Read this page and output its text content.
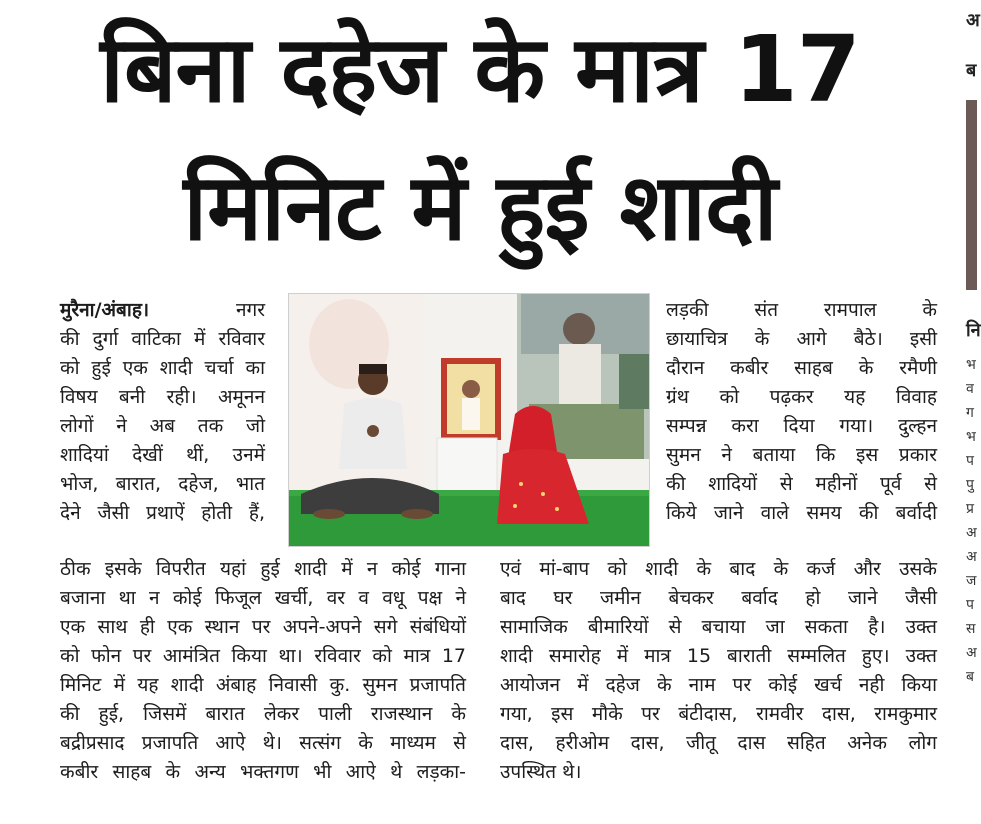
बिना दहेज के मात्र 17
मिनिट में हुई शादी
मुरैना/अंबाह।	नगर
की दुर्गा वाटिका में रविवार
को हुई एक शादी चर्चा का
विषय बनी रही। अमूनन
लोगों ने अब तक जो
शादियां देखीं थीं, उनमें
भोज, बारात, दहेज, भात
देने जैसी प्रथाऐं होती हैं,
लड़की संत रामपाल के
छायाचित्र के आगे बैठे। इसी
दौरान कबीर साहब के रमैणी
ग्रंथ को पढ़कर यह विवाह
सम्पन्न करा दिया गया। दुल्हन
सुमन ने बताया कि इस प्रकार
की शादियों से महीनों पूर्व से
किये जाने वाले समय की बर्वादी
ठीक इसके विपरीत यहां हुई शादी में न कोई गाना
बजाना था न कोई फिजूल खर्ची, वर व वधू पक्ष ने
एक साथ ही एक स्थान पर अपने-अपने सगे संबंधियों
को फोन पर आमंत्रित किया था। रविवार को मात्र 17
मिनिट में यह शादी अंबाह निवासी कु. सुमन प्रजापति
की हुई, जिसमें बारात लेकर पाली राजस्थान के
बद्रीप्रसाद प्रजापति आऐ थे। सत्संग के माध्यम से
कबीर साहब के अन्य भक्तगण भी आऐ थे लड़का-
एवं मां-बाप को शादी के बाद के कर्ज और उसके
बाद घर जमीन बेचकर बर्वाद हो जाने जैसी
सामाजिक बीमारियों से बचाया जा सकता है। उक्त
शादी समारोह में मात्र 15 बाराती सम्मलित हुए। उक्त
आयोजन में दहेज के नाम पर कोई खर्च नही किया
गया, इस मौके पर बंटीदास, रामवीर दास, रामकुमार
दास, हरीओम दास, जीतू दास सहित अनेक लोग
उपस्थित थे।
अ
ब
नि
भ
व
ग
भ
प
पु
प्र
अ
अ
ज
प
स
अ
ब
